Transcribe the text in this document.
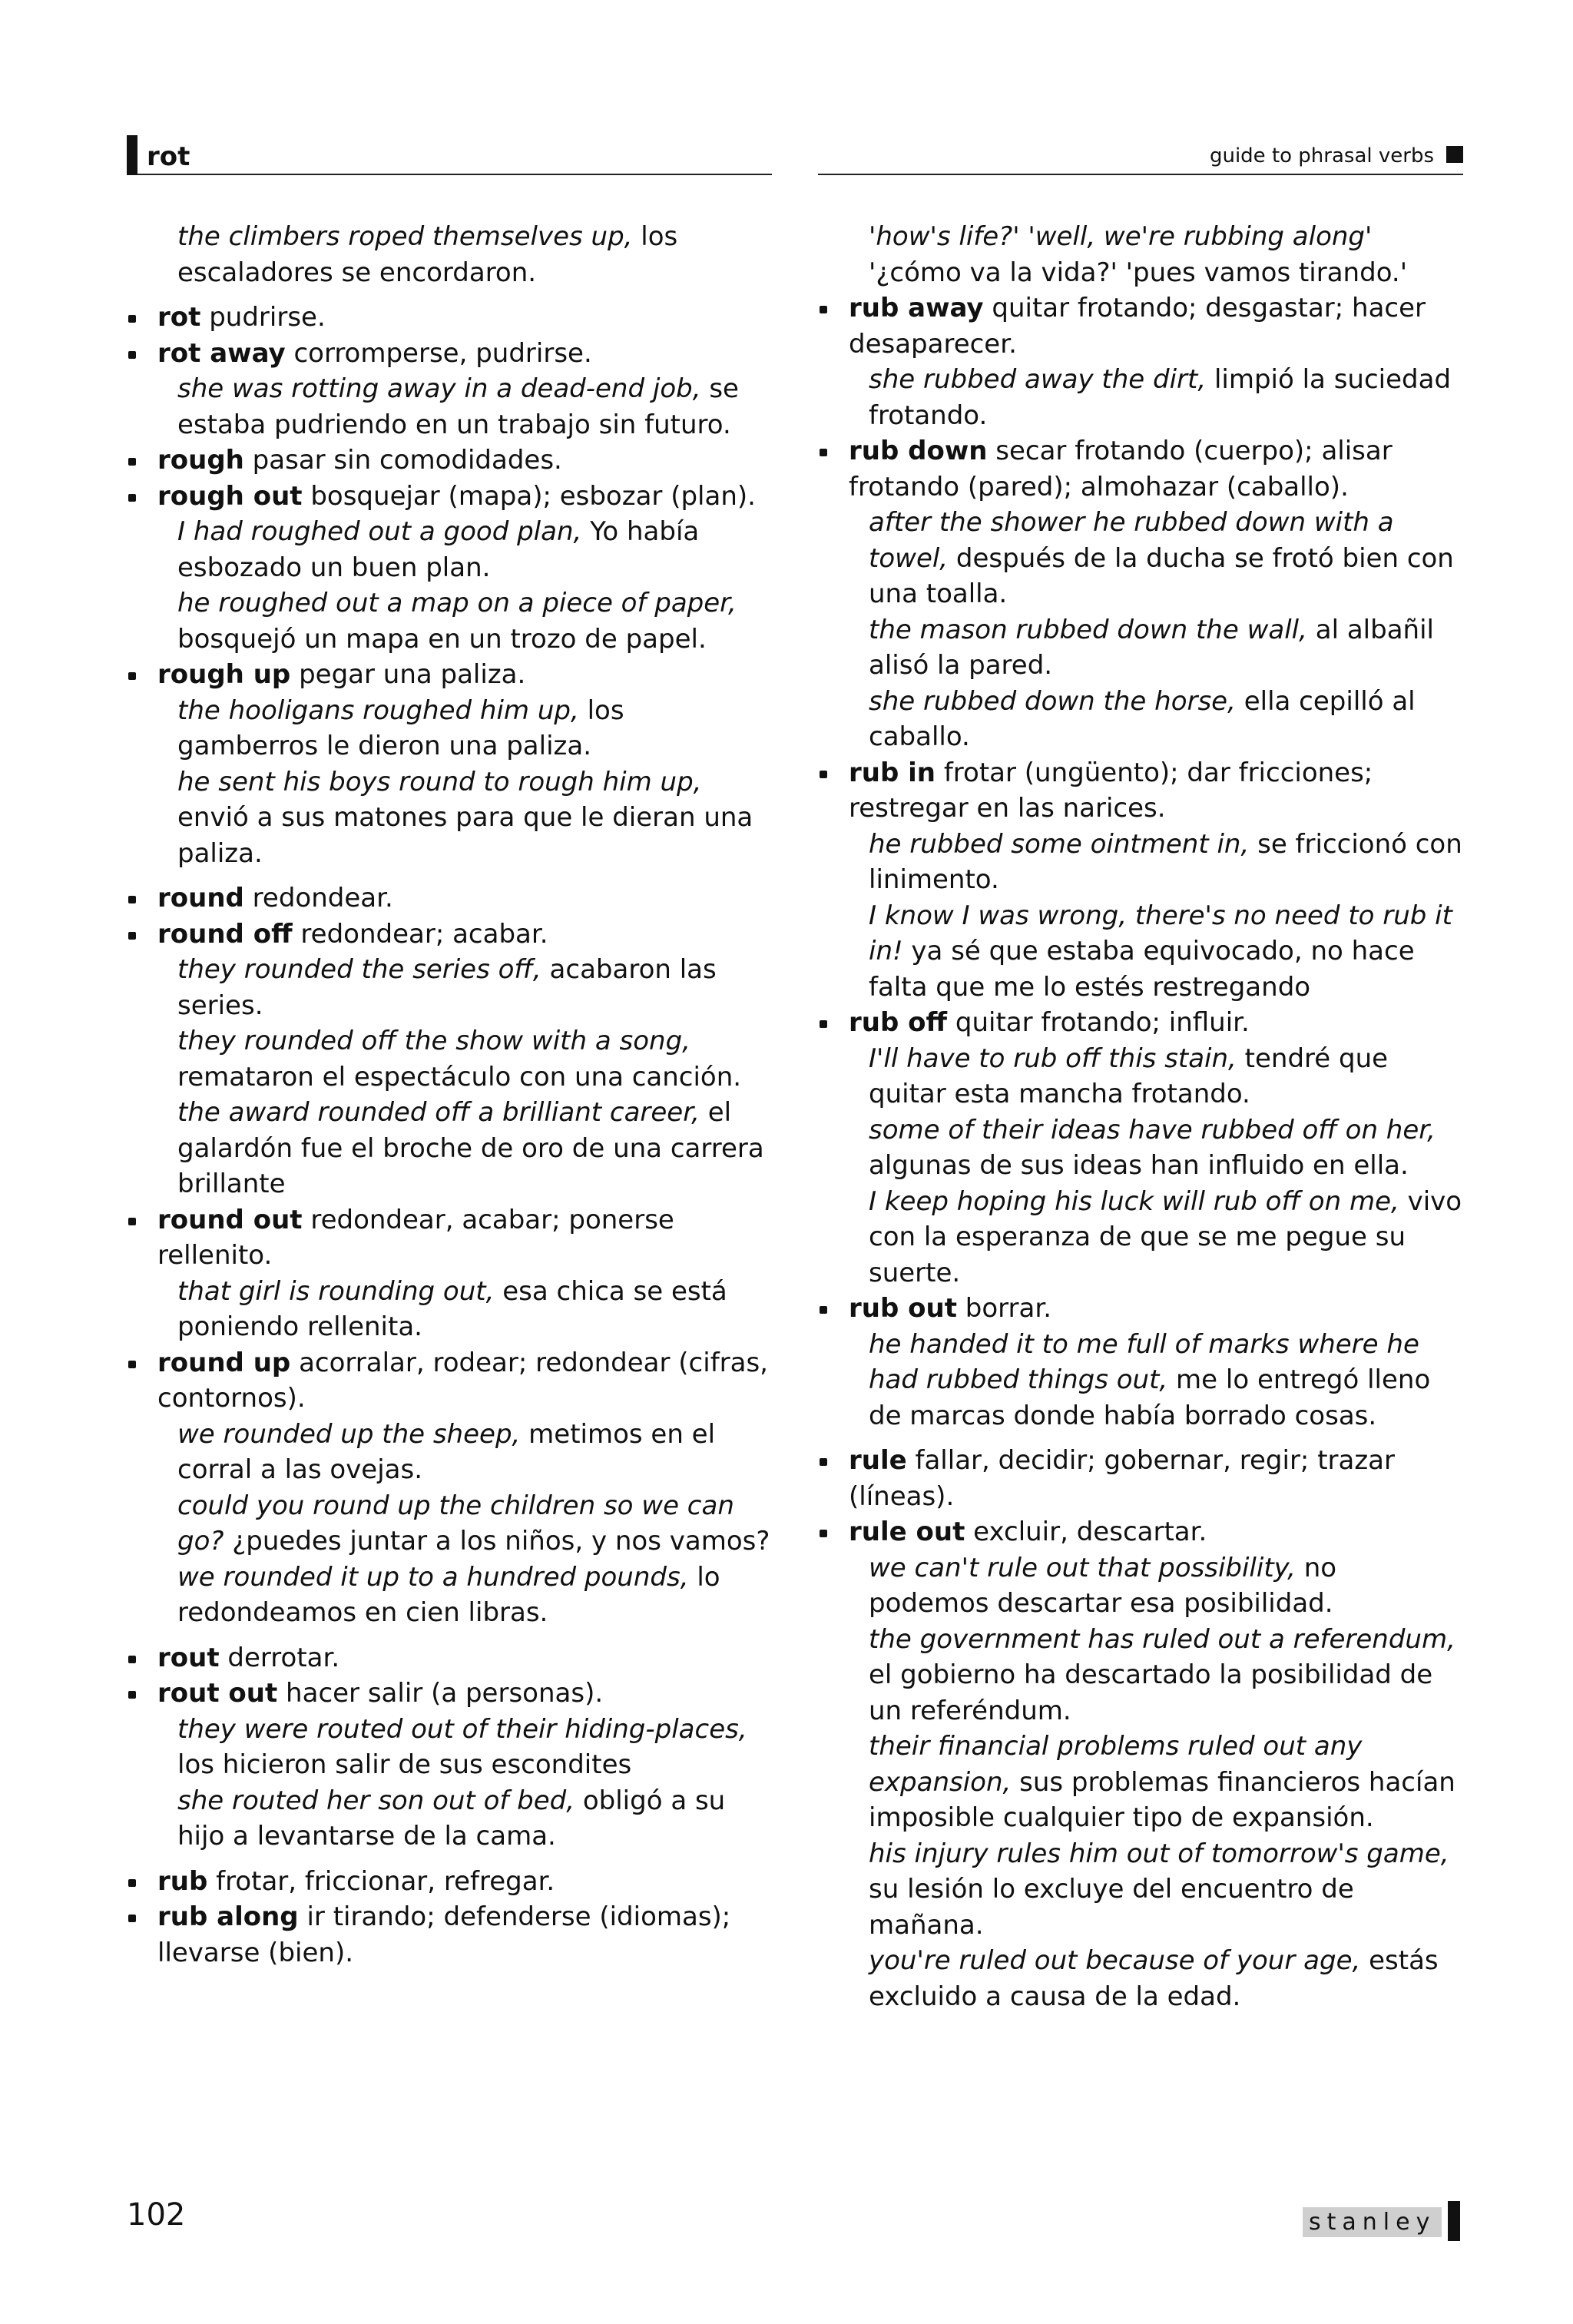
rot	guide to phrasal verbs

the climbers roped themselves up, los escaladores se encordaron.

rot pudrirse.

rot away corromperse, pudrirse.

she was rotting away in a dead-end job, se estaba pudriendo en un trabajo sin futuro.

rough pasar sin comodidades.

rough out bosquejar (mapa); esbozar (plan).

I had roughed out a good plan, Yo había esbozado un buen plan.

he roughed out a map on a piece of paper, bosquejó un mapa en un trozo de papel.

rough up pegar una paliza.

the hooligans roughed him up, los gamberros le dieron una paliza.

he sent his boys round to rough him up, envió a sus matones para que le dieran una paliza.

round redondear.

round off redondear; acabar.

they rounded the series off, acabaron las series.

they rounded off the show with a song, remataron el espectáculo con una canción.

the award rounded off a brilliant career, el galardón fue el broche de oro de una carrera brillante

round out redondear, acabar; ponerse rellenito.

that girl is rounding out, esa chica se está poniendo rellenita.

round up acorralar, rodear; redondear (cifras, contornos).

we rounded up the sheep, metimos en el corral a las ovejas.

could you round up the children so we can go? ¿puedes juntar a los niños, y nos vamos?

we rounded it up to a hundred pounds, lo redondeamos en cien libras.

rout derrotar.

rout out hacer salir (a personas).

they were routed out of their hiding-places, los hicieron salir de sus escondites

she routed her son out of bed, obligó a su hijo a levantarse de la cama.

rub frotar, friccionar, refregar.

rub along ir tirando; defenderse (idiomas); llevarse (bien).

'how's life?' 'well, we're rubbing along' '¿cómo va la vida?' 'pues vamos tirando.'

rub away quitar frotando; desgastar; hacer desaparecer.

she rubbed away the dirt, limpió la suciedad frotando.

rub down secar frotando (cuerpo); alisar frotando (pared); almohazar (caballo).

after the shower he rubbed down with a towel, después de la ducha se frotó bien con una toalla.

the mason rubbed down the wall, al albañil alisó la pared.

she rubbed down the horse, ella cepilló al caballo.

rub in frotar (ungüento); dar fricciones; restregar en las narices.

he rubbed some ointment in, se friccionó con linimento.

I know I was wrong, there's no need to rub it in! ya sé que estaba equivocado, no hace falta que me lo estés restregando

rub off quitar frotando; influir.

I'll have to rub off this stain, tendré que quitar esta mancha frotando.

some of their ideas have rubbed off on her, algunas de sus ideas han influido en ella.

I keep hoping his luck will rub off on me, vivo con la esperanza de que se me pegue su suerte.

rub out borrar.

he handed it to me full of marks where he had rubbed things out, me lo entregó lleno de marcas donde había borrado cosas.

rule fallar, decidir; gobernar, regir; trazar (líneas).

rule out excluir, descartar.

we can't rule out that possibility, no podemos descartar esa posibilidad.

the government has ruled out a referendum, el gobierno ha descartado la posibilidad de un referéndum.

their financial problems ruled out any expansion, sus problemas financieros hacían imposible cualquier tipo de expansión.

his injury rules him out of tomorrow's game, su lesión lo excluye del encuentro de mañana.

you're ruled out because of your age, estás excluido a causa de la edad.

102	stanley
